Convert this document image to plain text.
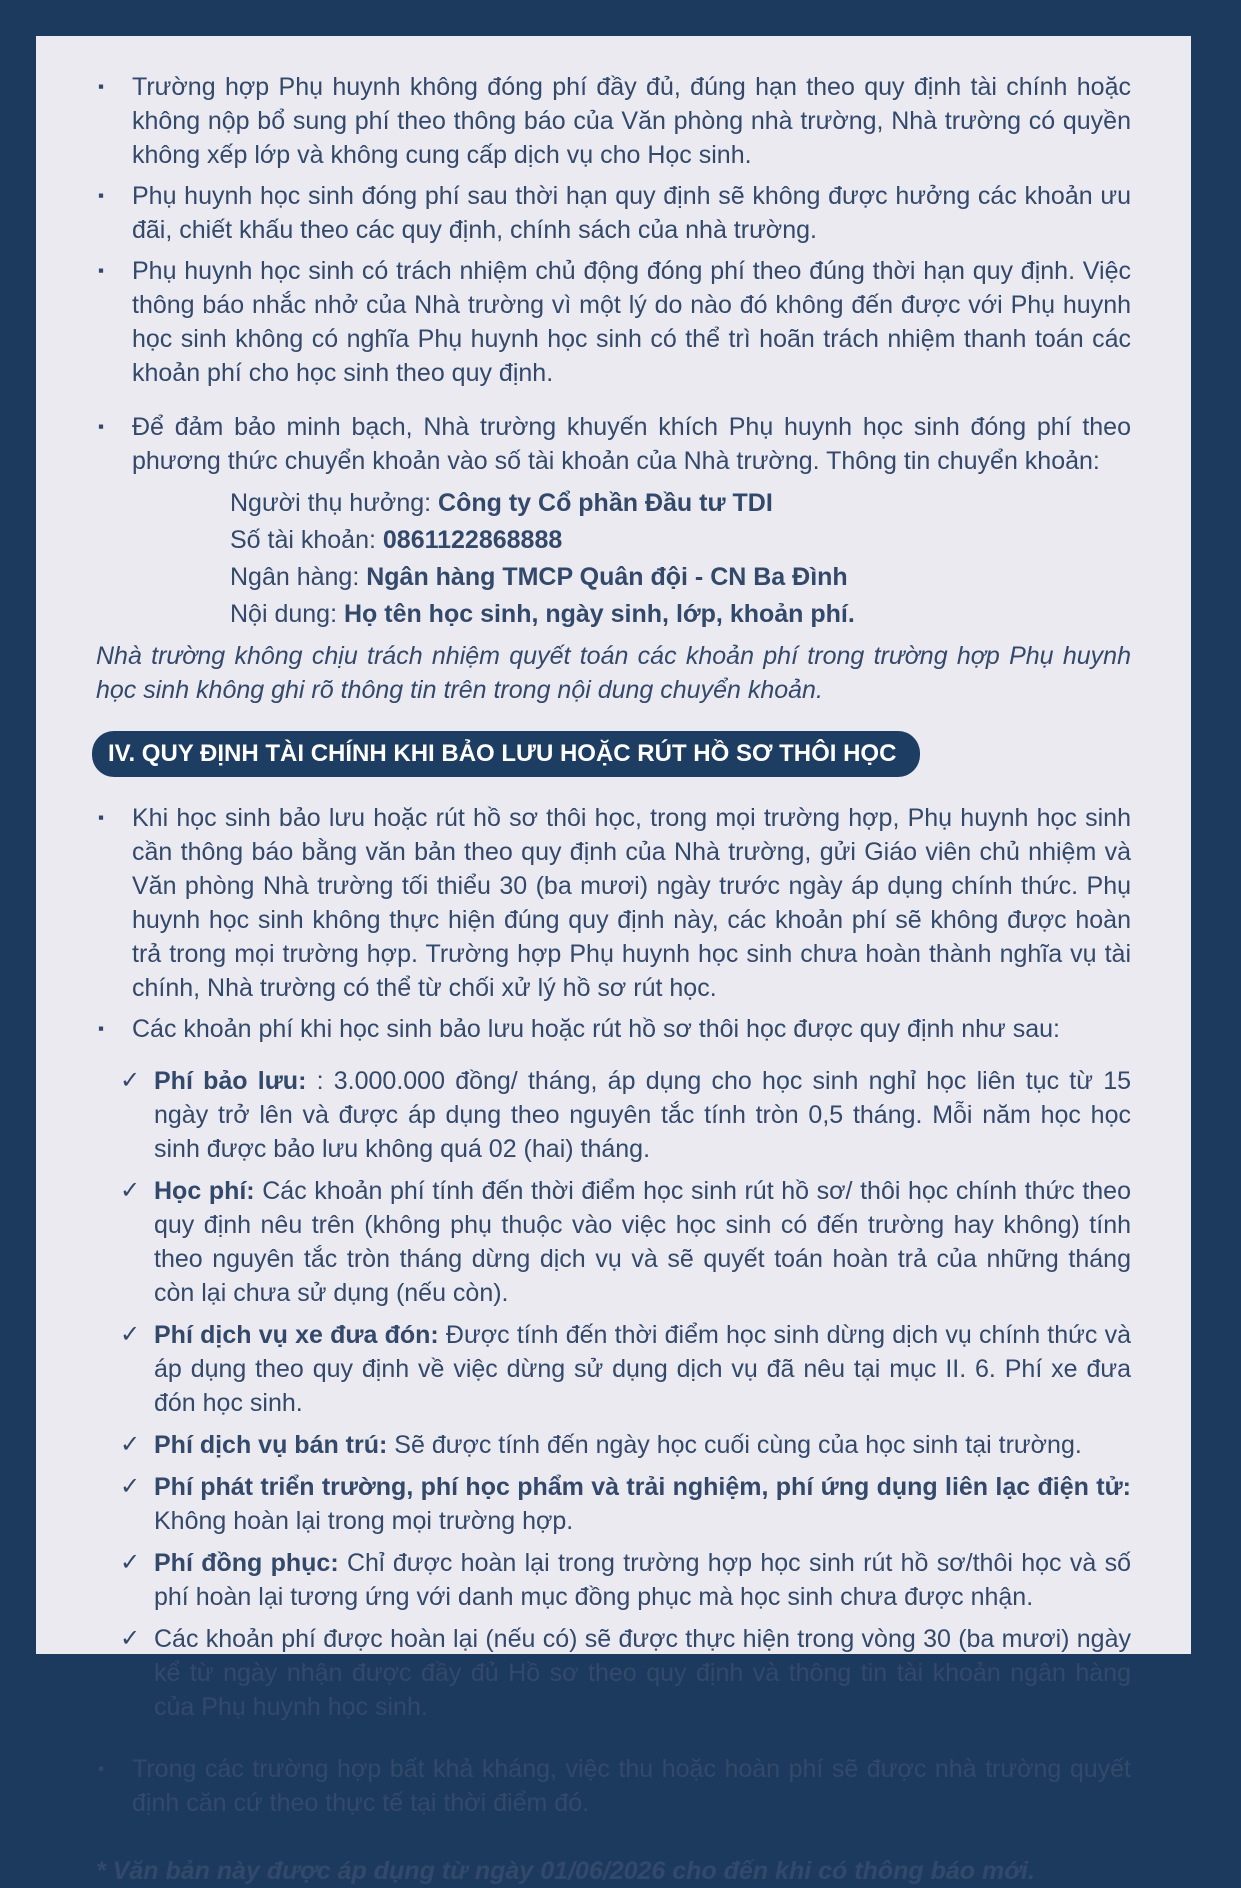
▪ Trường hợp Phụ huynh không đóng phí đầy đủ, đúng hạn theo quy định tài chính hoặc không nộp bổ sung phí theo thông báo của Văn phòng nhà trường, Nhà trường có quyền không xếp lớp và không cung cấp dịch vụ cho Học sinh.
▪ Phụ huynh học sinh đóng phí sau thời hạn quy định sẽ không được hưởng các khoản ưu đãi, chiết khấu theo các quy định, chính sách của nhà trường.
▪ Phụ huynh học sinh có trách nhiệm chủ động đóng phí theo đúng thời hạn quy định. Việc thông báo nhắc nhở của Nhà trường vì một lý do nào đó không đến được với Phụ huynh học sinh không có nghĩa Phụ huynh học sinh có thể trì hoãn trách nhiệm thanh toán các khoản phí cho học sinh theo quy định.
▪ Để đảm bảo minh bạch, Nhà trường khuyến khích Phụ huynh học sinh đóng phí theo phương thức chuyển khoản vào số tài khoản của Nhà trường. Thông tin chuyển khoản:
Người thụ hưởng: Công ty Cổ phần Đầu tư TDI
Số tài khoản: 0861122868888
Ngân hàng: Ngân hàng TMCP Quân đội - CN Ba Đình
Nội dung: Họ tên học sinh, ngày sinh, lớp, khoản phí.

Nhà trường không chịu trách nhiệm quyết toán các khoản phí trong trường hợp Phụ huynh học sinh không ghi rõ thông tin trên trong nội dung chuyển khoản.

IV. QUY ĐỊNH TÀI CHÍNH KHI BẢO LƯU HOẶC RÚT HỒ SƠ THÔI HỌC
▪ Khi học sinh bảo lưu hoặc rút hồ sơ thôi học, trong mọi trường hợp, Phụ huynh học sinh cần thông báo bằng văn bản theo quy định của Nhà trường, gửi Giáo viên chủ nhiệm và Văn phòng Nhà trường tối thiểu 30 (ba mươi) ngày trước ngày áp dụng chính thức. Phụ huynh học sinh không thực hiện đúng quy định này, các khoản phí sẽ không được hoàn trả trong mọi trường hợp. Trường hợp Phụ huynh học sinh chưa hoàn thành nghĩa vụ tài chính, Nhà trường có thể từ chối xử lý hồ sơ rút học.
▪ Các khoản phí khi học sinh bảo lưu hoặc rút hồ sơ thôi học được quy định như sau:
✓ Phí bảo lưu: : 3.000.000 đồng/ tháng, áp dụng cho học sinh nghỉ học liên tục từ 15 ngày trở lên và được áp dụng theo nguyên tắc tính tròn 0,5 tháng. Mỗi năm học học sinh được bảo lưu không quá 02 (hai) tháng.
✓ Học phí: Các khoản phí tính đến thời điểm học sinh rút hồ sơ/ thôi học chính thức theo quy định nêu trên (không phụ thuộc vào việc học sinh có đến trường hay không) tính theo nguyên tắc tròn tháng dừng dịch vụ và sẽ quyết toán hoàn trả của những tháng còn lại chưa sử dụng (nếu còn).
✓ Phí dịch vụ xe đưa đón: Được tính đến thời điểm học sinh dừng dịch vụ chính thức và áp dụng theo quy định về việc dừng sử dụng dịch vụ đã nêu tại mục II. 6. Phí xe đưa đón học sinh.
✓ Phí dịch vụ bán trú: Sẽ được tính đến ngày học cuối cùng của học sinh tại trường.
✓ Phí phát triển trường, phí học phẩm và trải nghiệm, phí ứng dụng liên lạc điện tử: Không hoàn lại trong mọi trường hợp.
✓ Phí đồng phục: Chỉ được hoàn lại trong trường hợp học sinh rút hồ sơ/thôi học và số phí hoàn lại tương ứng với danh mục đồng phục mà học sinh chưa được nhận.
✓ Các khoản phí được hoàn lại (nếu có) sẽ được thực hiện trong vòng 30 (ba mươi) ngày kể từ ngày nhận được đầy đủ Hồ sơ theo quy định và thông tin tài khoản ngân hàng của Phụ huynh học sinh.
▪ Trong các trường hợp bất khả kháng, việc thu hoặc hoàn phí sẽ được nhà trường quyết định căn cứ theo thực tế tại thời điểm đó.

* Văn bản này được áp dụng từ ngày 01/06/2026 cho đến khi có thông báo mới.
